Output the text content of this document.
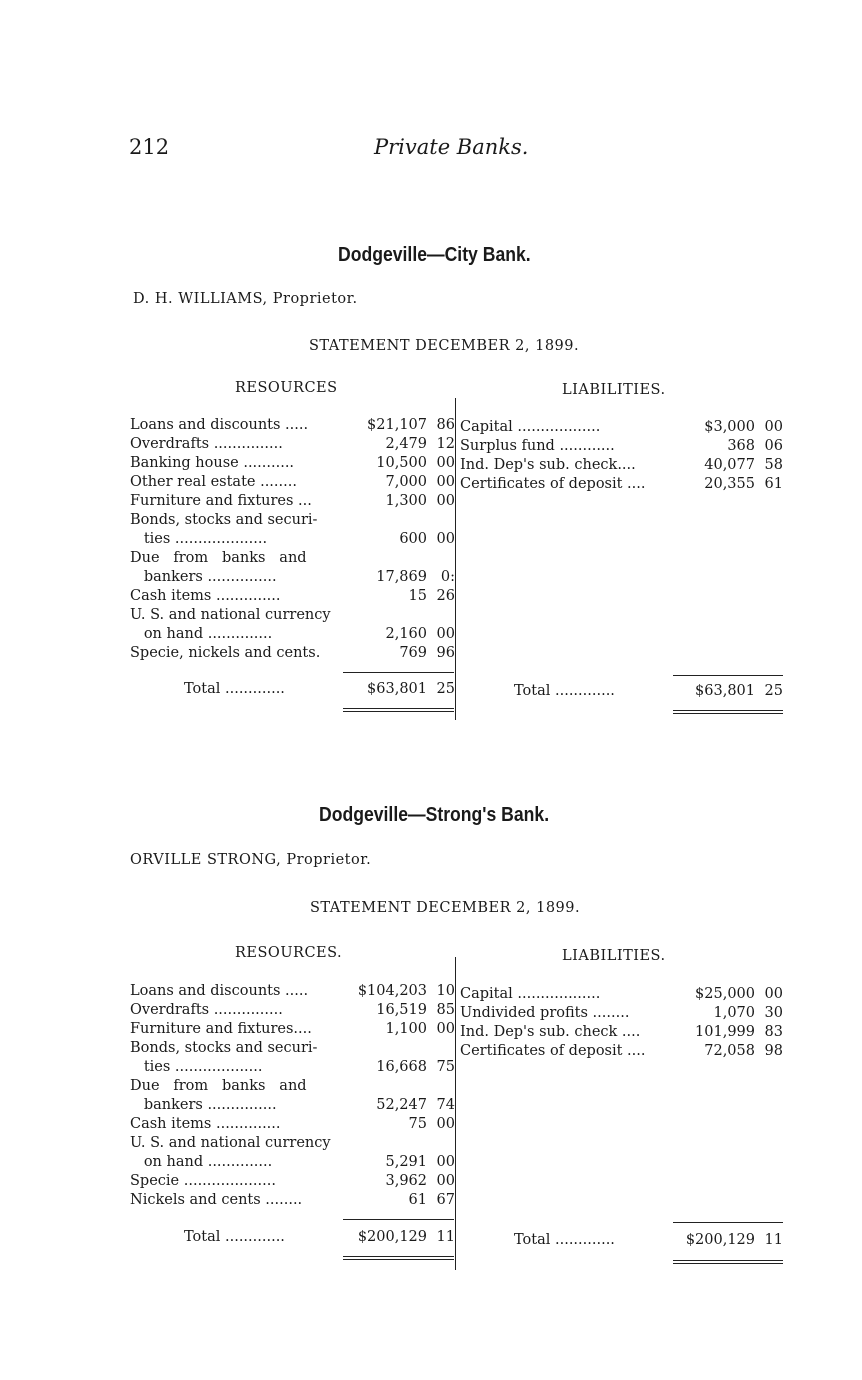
212	Private Banks.
Dodgeville—City Bank.
D. H. WILLIAMS, Proprietor.
STATEMENT DECEMBER 2, 1899.
RESOURCES	LIABILITIES.
Loans and discounts .....	$21,107 86
Overdrafts ...............	2,479 12
Banking house ...........	10,500 00
Other real estate ........	7,000 00
Furniture and fixtures ...	1,300 00
Bonds, stocks and securi-
ties ....................	600 00
Due   from   banks   and
bankers ...............	17,869 0:
Cash items ..............	15 26
U. S. and national currency
on hand ..............	2,160 00
Specie, nickels and cents.	769 96
Capital ..................	$3,000 00
Surplus fund ............	368 06
Ind. Dep's sub. check....	40,077 58
Certificates of deposit ....	20,355 61
Dodgeville—Strong's Bank.
ORVILLE STRONG, Proprietor.
STATEMENT DECEMBER 2, 1899.
RESOURCES.	LIABILITIES.
Loans and discounts .....	$104,203 10
Overdrafts ...............	16,519 85
Furniture and fixtures....	1,100 00
Bonds, stocks and securi-
ties ...................	16,668 75
Due   from   banks   and
bankers ...............	52,247 74
Cash items ..............	75 00
U. S. and national currency
on hand ..............	5,291 00
Specie ....................	3,962 00
Nickels and cents ........	61 67
Capital ..................	$25,000 00
Undivided profits ........	1,070 30
Ind. Dep's sub. check ....	101,999 83
Certificates of deposit ....	72,058 98
Total .............	$63,801 25	Total .............	$63,801 25
Total .............	$200,129 11	Total .............	$200,129 11
